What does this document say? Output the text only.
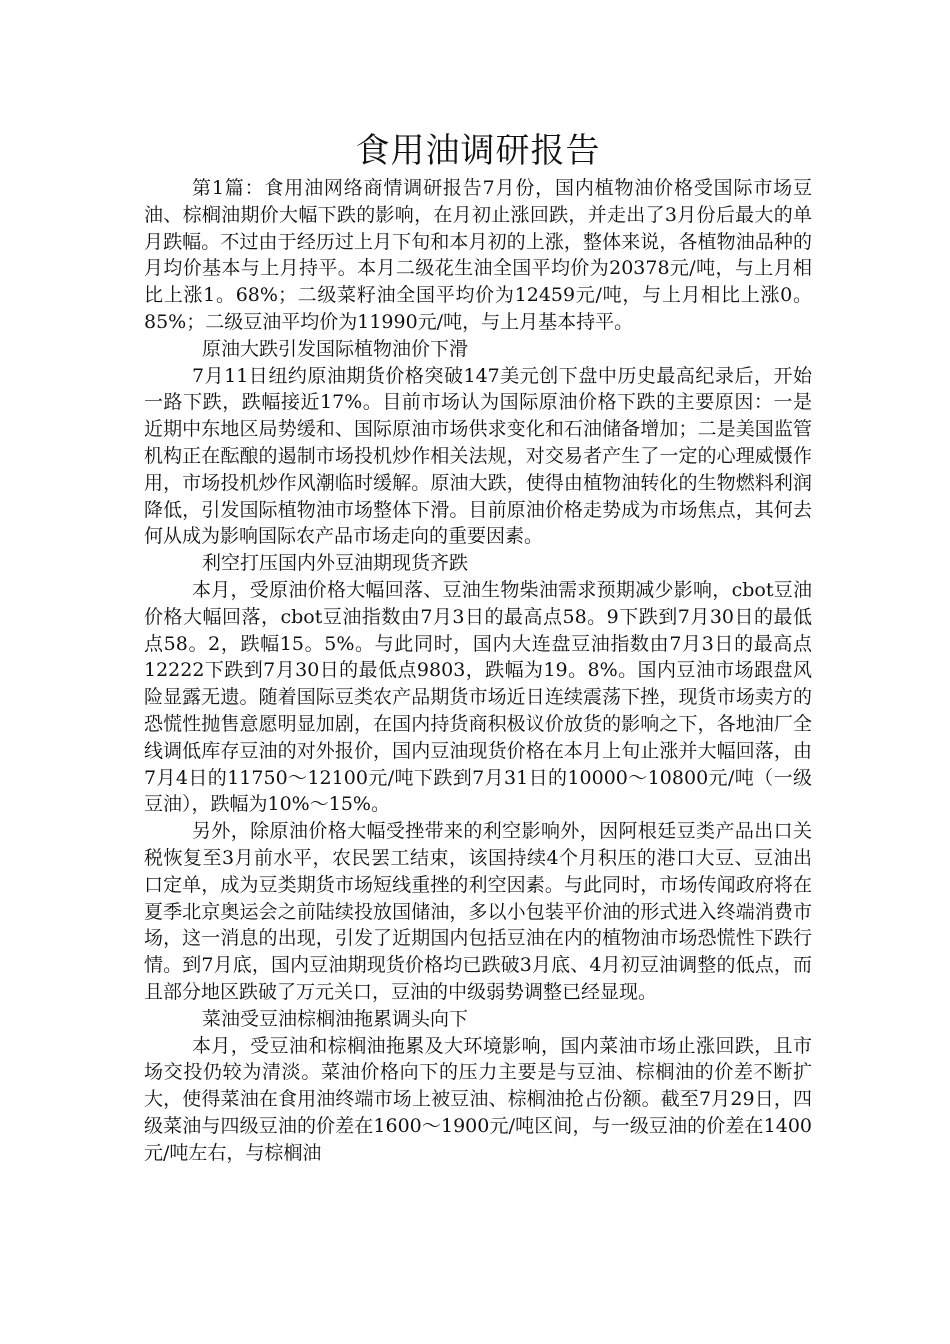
食用油调研报告

第1篇：食用油网络商情调研报告7月份，国内植物油价格受国际市场豆油、棕榈油期价大幅下跌的影响，在月初止涨回跌，并走出了3月份后最大的单月跌幅。不过由于经历过上月下旬和本月初的上涨，整体来说，各植物油品种的月均价基本与上月持平。本月二级花生油全国平均价为20378元/吨，与上月相比上涨1。68%；二级菜籽油全国平均价为12459元/吨，与上月相比上涨0。85%；二级豆油平均价为11990元/吨，与上月基本持平。

原油大跌引发国际植物油价下滑

7月11日纽约原油期货价格突破147美元创下盘中历史最高纪录后，开始一路下跌，跌幅接近17%。目前市场认为国际原油价格下跌的主要原因：一是近期中东地区局势缓和、国际原油市场供求变化和石油储备增加；二是美国监管机构正在酝酿的遏制市场投机炒作相关法规，对交易者产生了一定的心理威慑作用，市场投机炒作风潮临时缓解。原油大跌，使得由植物油转化的生物燃料利润降低，引发国际植物油市场整体下滑。目前原油价格走势成为市场焦点，其何去何从成为影响国际农产品市场走向的重要因素。

利空打压国内外豆油期现货齐跌

本月，受原油价格大幅回落、豆油生物柴油需求预期减少影响，cbot豆油价格大幅回落，cbot豆油指数由7月3日的最高点58。9下跌到7月30日的最低点58。2，跌幅15。5%。与此同时，国内大连盘豆油指数由7月3日的最高点12222下跌到7月30日的最低点9803，跌幅为19。8%。国内豆油市场跟盘风险显露无遗。随着国际豆类农产品期货市场近日连续震荡下挫，现货市场卖方的恐慌性抛售意愿明显加剧，在国内持货商积极议价放货的影响之下，各地油厂全线调低库存豆油的对外报价，国内豆油现货价格在本月上旬止涨并大幅回落，由7月4日的11750～12100元/吨下跌到7月31日的10000～10800元/吨（一级豆油），跌幅为10%～15%。

另外，除原油价格大幅受挫带来的利空影响外，因阿根廷豆类产品出口关税恢复至3月前水平，农民罢工结束，该国持续4个月积压的港口大豆、豆油出口定单，成为豆类期货市场短线重挫的利空因素。与此同时，市场传闻政府将在夏季北京奥运会之前陆续投放国储油，多以小包装平价油的形式进入终端消费市场，这一消息的出现，引发了近期国内包括豆油在内的植物油市场恐慌性下跌行情。到7月底，国内豆油期现货价格均已跌破3月底、4月初豆油调整的低点，而且部分地区跌破了万元关口，豆油的中级弱势调整已经显现。

菜油受豆油棕榈油拖累调头向下

本月，受豆油和棕榈油拖累及大环境影响，国内菜油市场止涨回跌，且市场交投仍较为清淡。菜油价格向下的压力主要是与豆油、棕榈油的价差不断扩大，使得菜油在食用油终端市场上被豆油、棕榈油抢占份额。截至7月29日，四级菜油与四级豆油的价差在1600～1900元/吨区间，与一级豆油的价差在1400元/吨左右，与棕榈油
